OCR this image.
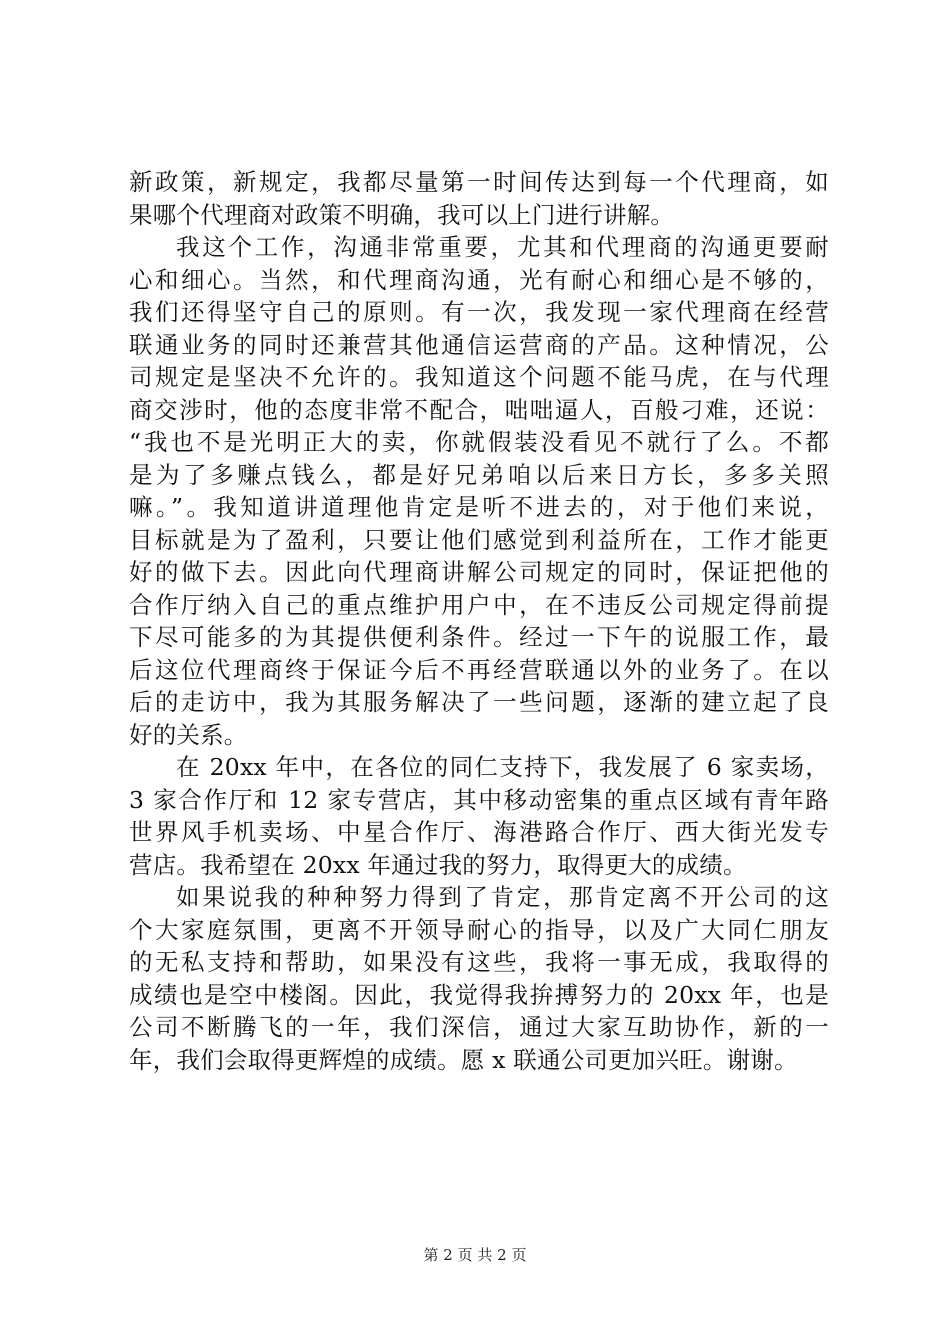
新政策，新规定，我都尽量第一时间传达到每一个代理商，如
果哪个代理商对政策不明确，我可以上门进行讲解。
我这个工作，沟通非常重要，尤其和代理商的沟通更要耐
心和细心。当然，和代理商沟通，光有耐心和细心是不够的，
我们还得坚守自己的原则。有一次，我发现一家代理商在经营
联通业务的同时还兼营其他通信运营商的产品。这种情况，公
司规定是坚决不允许的。我知道这个问题不能马虎，在与代理
商交涉时，他的态度非常不配合，咄咄逼人，百般刁难，还说：
“我也不是光明正大的卖，你就假装没看见不就行了么。不都
是为了多赚点钱么，都是好兄弟咱以后来日方长，多多关照
嘛。”。我知道讲道理他肯定是听不进去的，对于他们来说，
目标就是为了盈利，只要让他们感觉到利益所在，工作才能更
好的做下去。因此向代理商讲解公司规定的同时，保证把他的
合作厅纳入自己的重点维护用户中，在不违反公司规定得前提
下尽可能多的为其提供便利条件。经过一下午的说服工作，最
后这位代理商终于保证今后不再经营联通以外的业务了。在以
后的走访中，我为其服务解决了一些问题，逐渐的建立起了良
好的关系。
在 20xx 年中，在各位的同仁支持下，我发展了 6 家卖场，
3 家合作厅和 12 家专营店，其中移动密集的重点区域有青年路
世界风手机卖场、中星合作厅、海港路合作厅、西大街光发专
营店。我希望在 20xx 年通过我的努力，取得更大的成绩。
如果说我的种种努力得到了肯定，那肯定离不开公司的这
个大家庭氛围，更离不开领导耐心的指导，以及广大同仁朋友
的无私支持和帮助，如果没有这些，我将一事无成，我取得的
成绩也是空中楼阁。因此，我觉得我拚搏努力的 20xx 年，也是
公司不断腾飞的一年，我们深信，通过大家互助协作，新的一
年，我们会取得更辉煌的成绩。愿 x 联通公司更加兴旺。谢谢。
第 2 页 共 2 页
